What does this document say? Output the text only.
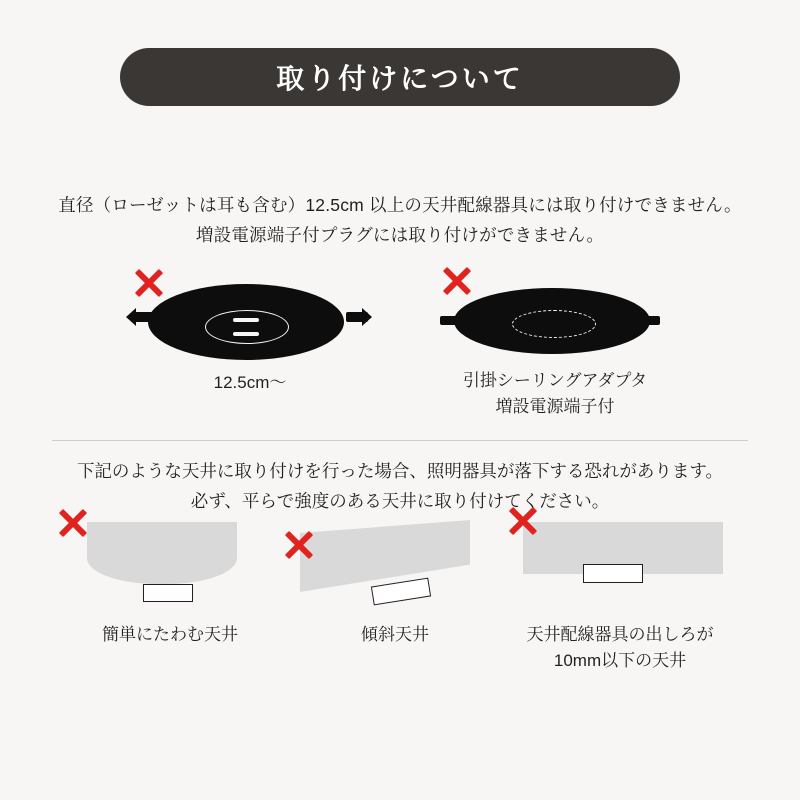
取り付けについて
直径（ローゼットは耳も含む）12.5cm 以上の天井配線器具には取り付けできません。
増設電源端子付プラグには取り付けができません。
12.5cm〜	引掛シーリングアダプタ
増設電源端子付
下記のような天井に取り付けを行った場合、照明器具が落下する恐れがあります。
必ず、平らで強度のある天井に取り付けてください。
簡単にたわむ天井	傾斜天井	天井配線器具の出しろが
10mm以下の天井
